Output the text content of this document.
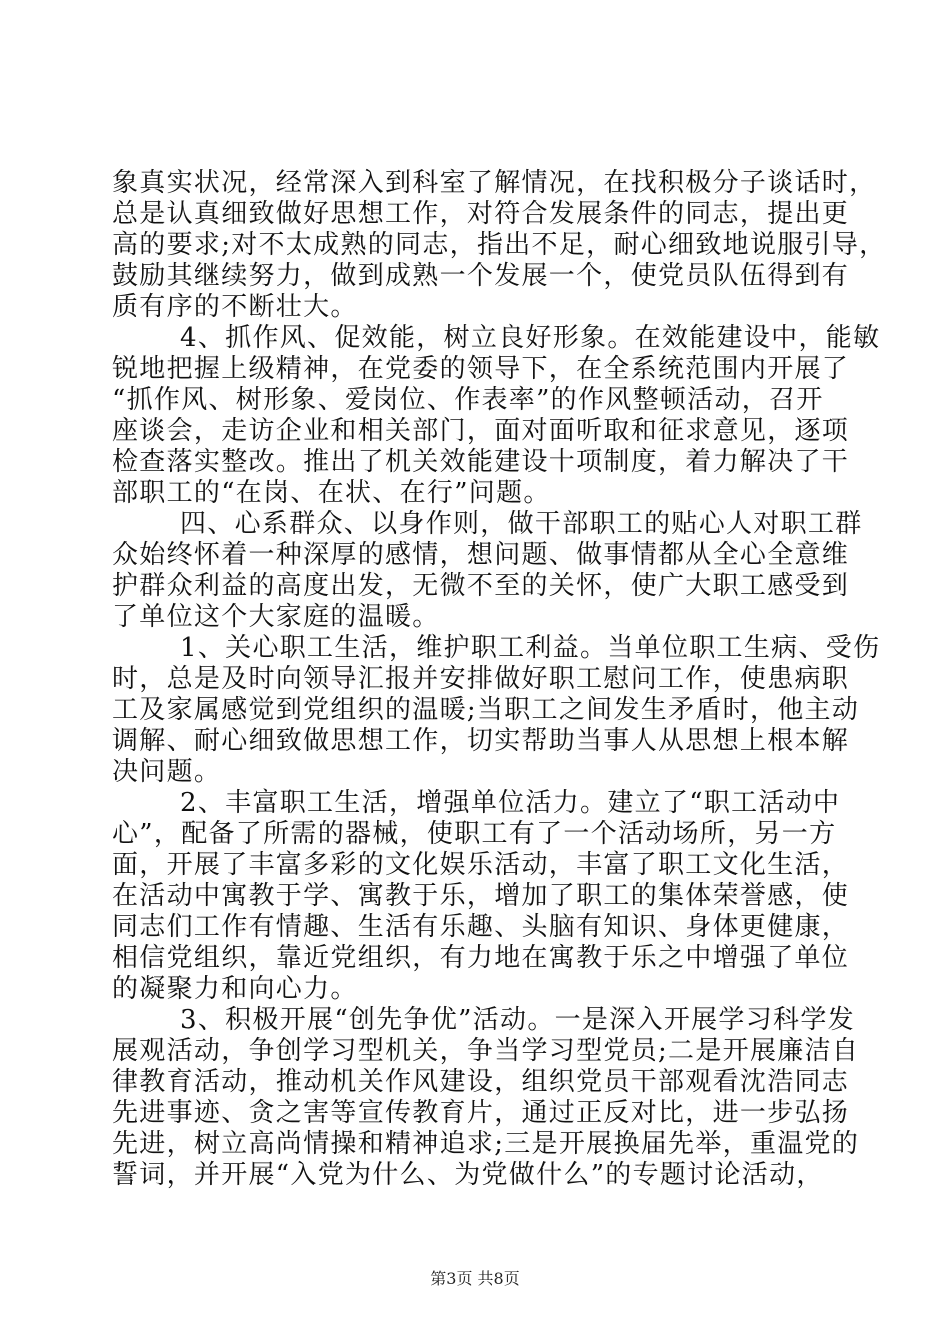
象真实状况，经常深入到科室了解情况，在找积极分子谈话时，
总是认真细致做好思想工作，对符合发展条件的同志，提出更
高的要求;对不太成熟的同志，指出不足，耐心细致地说服引导，
鼓励其继续努力，做到成熟一个发展一个，使党员队伍得到有
质有序的不断壮大。
4、抓作风、促效能，树立良好形象。在效能建设中，能敏
锐地把握上级精神，在党委的领导下，在全系统范围内开展了
“抓作风、树形象、爱岗位、作表率”的作风整顿活动，召开
座谈会，走访企业和相关部门，面对面听取和征求意见，逐项
检查落实整改。推出了机关效能建设十项制度，着力解决了干
部职工的“在岗、在状、在行”问题。
四、心系群众、以身作则，做干部职工的贴心人对职工群
众始终怀着一种深厚的感情，想问题、做事情都从全心全意维
护群众利益的高度出发，无微不至的关怀，使广大职工感受到
了单位这个大家庭的温暖。
1、关心职工生活，维护职工利益。当单位职工生病、受伤
时，总是及时向领导汇报并安排做好职工慰问工作，使患病职
工及家属感觉到党组织的温暖;当职工之间发生矛盾时，他主动
调解、耐心细致做思想工作，切实帮助当事人从思想上根本解
决问题。
2、丰富职工生活，增强单位活力。建立了“职工活动中
心”，配备了所需的器械，使职工有了一个活动场所，另一方
面，开展了丰富多彩的文化娱乐活动，丰富了职工文化生活，
在活动中寓教于学、寓教于乐，增加了职工的集体荣誉感，使
同志们工作有情趣、生活有乐趣、头脑有知识、身体更健康，
相信党组织，靠近党组织，有力地在寓教于乐之中增强了单位
的凝聚力和向心力。
3、积极开展“创先争优”活动。一是深入开展学习科学发
展观活动，争创学习型机关，争当学习型党员;二是开展廉洁自
律教育活动，推动机关作风建设，组织党员干部观看沈浩同志
先进事迹、贪之害等宣传教育片，通过正反对比，进一步弘扬
先进，树立高尚情操和精神追求;三是开展换届先举，重温党的
誓词，并开展“入党为什么、为党做什么”的专题讨论活动，
第3页 共8页
